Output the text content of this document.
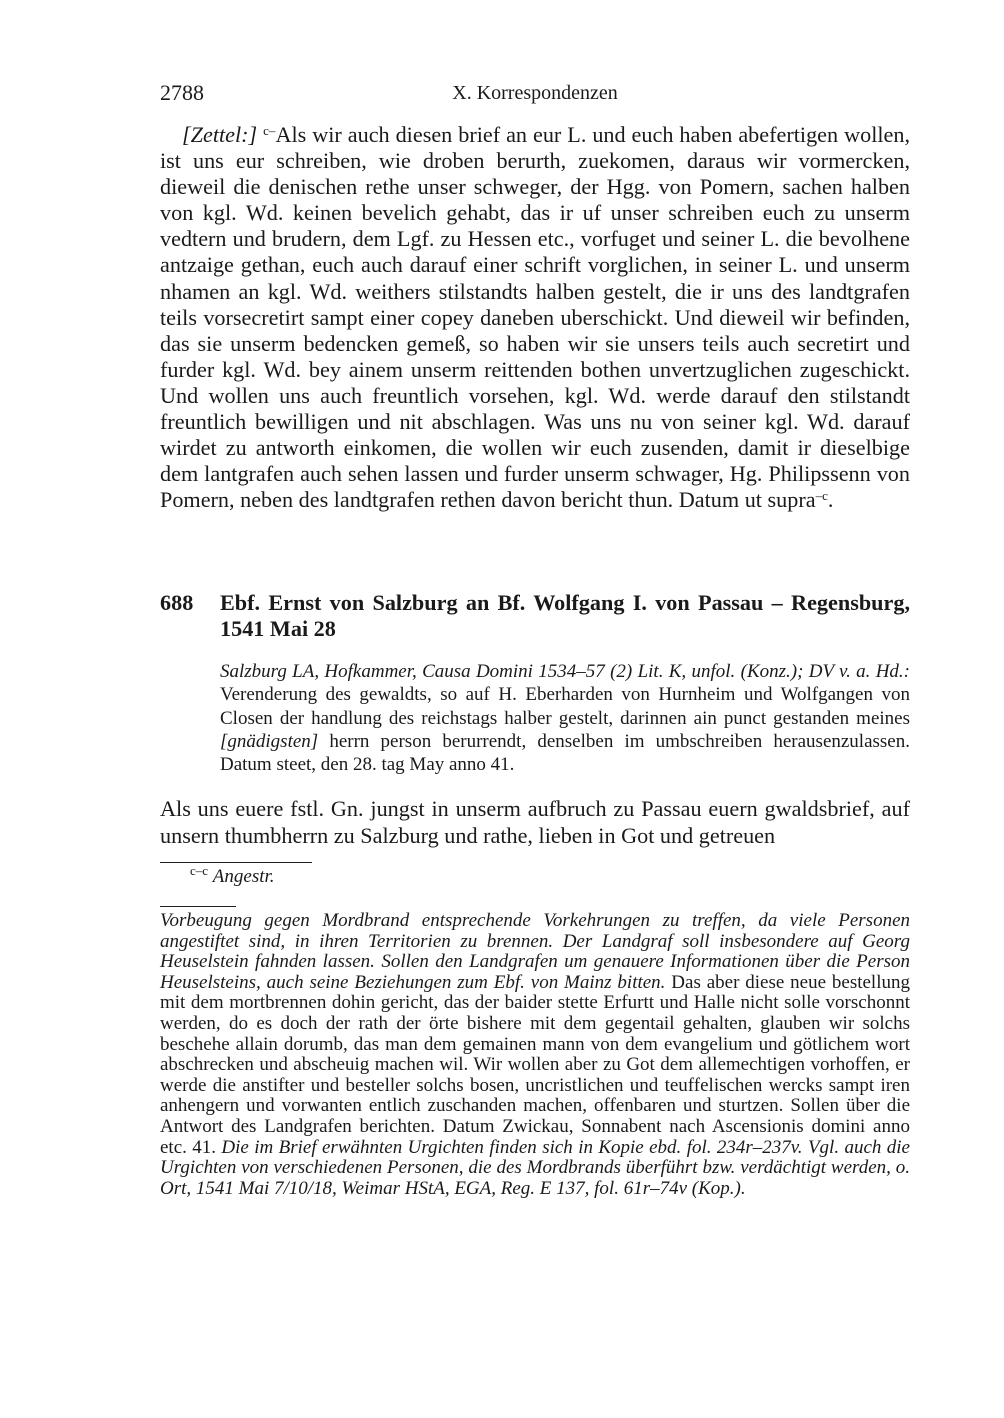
2788	X. Korrespondenzen

[Zettel:] $^{c-}$Als wir auch diesen brief an eur L. und euch haben abefertigen wollen, ist uns eur schreiben, wie droben berurth, zuekomen, daraus wir vormercken, dieweil die denischen rethe unser schweger, der Hgg. von Pomern, sachen halben von kgl. Wd. keinen bevelich gehabt, das ir uf unser schreiben euch zu unserm vedtern und brudern, dem Lgf. zu Hessen etc., vorfuget und seiner L. die bevolhene antzaige gethan, euch auch darauf einer schrift vorglichen, in seiner L. und unserm nhamen an kgl. Wd. weithers stilstandts halben gestelt, die ir uns des landtgrafen teils vorsecretirt sampt einer copey daneben uberschickt. Und dieweil wir befinden, das sie unserm bedencken gemeß, so haben wir sie unsers teils auch secretirt und furder kgl. Wd. bey ainem unserm reittenden bothen unvertzuglichen zugeschickt. Und wollen uns auch freuntlich vorsehen, kgl. Wd. werde darauf den stilstandt freuntlich bewilligen und nit abschlagen. Was uns nu von seiner kgl. Wd. darauf wirdet zu antworth einkomen, die wollen wir euch zusenden, damit ir dieselbige dem lantgrafen auch sehen lassen und furder unserm schwager, Hg. Philipssenn von Pomern, neben des landtgrafen rethen davon bericht thun. Datum ut supra$^{-c}$.

688 Ebf. Ernst von Salzburg an Bf. Wolfgang I. von Passau – Regensburg, 1541 Mai 28
Salzburg LA, Hofkammer, Causa Domini 1534–57 (2) Lit. K, unfol. (Konz.); DV v. a. Hd.: Verenderung des gewaldts, so auf H. Eberharden von Hurnheim und Wolfgangen von Closen der handlung des reichstags halber gestelt, darinnen ain punct gestanden meines [gnädigsten] herrn person berurrendt, denselben im umbschreiben herausenzulassen. Datum steet, den 28. tag May anno 41.
Als uns euere fstl. Gn. jungst in unserm aufbruch zu Passau euern gwaldsbrief, auf unsern thumbherrn zu Salzburg und rathe, lieben in Got und getreuen
$^{c-c}$ Angestr.
Vorbeugung gegen Mordbrand entsprechende Vorkehrungen zu treffen, da viele Personen angestiftet sind, in ihren Territorien zu brennen. Der Landgraf soll insbesondere auf Georg Heuselstein fahnden lassen. Sollen den Landgrafen um genauere Informationen über die Person Heuselsteins, auch seine Beziehungen zum Ebf. von Mainz bitten. Das aber diese neue bestellung mit dem mortbrennen dohin gericht, das der baider stette Erfurtt und Halle nicht solle vorschonnt werden, do es doch der rath der örte bishere mit dem gegentail gehalten, glauben wir solchs beschehe allain dorumb, das man dem gemainen mann von dem evangelium und götlichem wort abschrecken und abscheuig machen wil. Wir wollen aber zu Got dem allemechtigen vorhoffen, er werde die anstifter und besteller solchs bosen, uncristlichen und teuffelischen wercks sampt iren anhengern und vorwanten entlich zuschanden machen, offenbaren und sturtzen. Sollen über die Antwort des Landgrafen berichten. Datum Zwickau, Sonnabent nach Ascensionis domini anno etc. 41. Die im Brief erwähnten Urgichten finden sich in Kopie ebd. fol. 234r–237v. Vgl. auch die Urgichten von verschiedenen Personen, die des Mordbrands überführt bzw. verdächtigt werden, o. Ort, 1541 Mai 7/10/18, Weimar HStA, EGA, Reg. E 137, fol. 61r–74v (Kop.).
